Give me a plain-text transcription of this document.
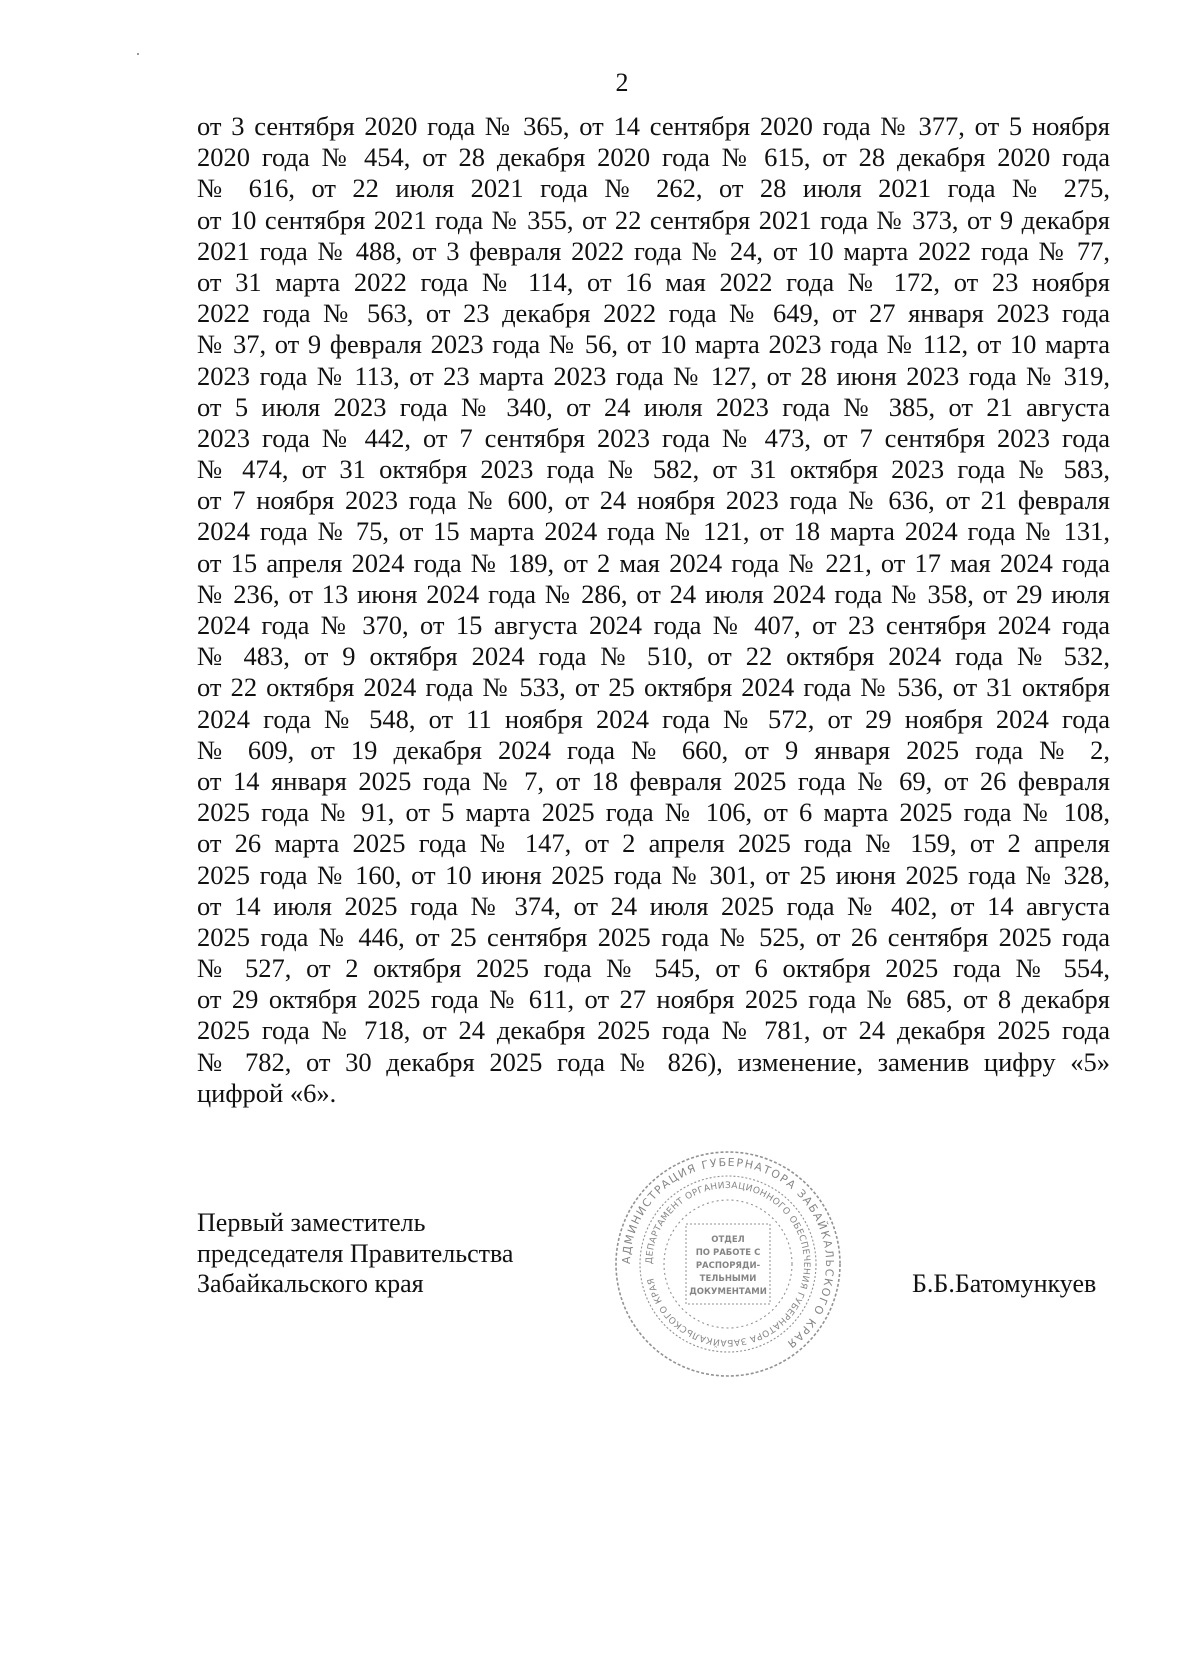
2
от 3 сентября 2020 года № 365, от 14 сентября 2020 года № 377, от 5 ноября
2020 года № 454, от 28 декабря 2020 года № 615, от 28 декабря 2020 года
№ 616, от 22 июля 2021 года № 262, от 28 июля 2021 года № 275,
от 10 сентября 2021 года № 355, от 22 сентября 2021 года № 373, от 9 декабря
2021 года № 488, от 3 февраля 2022 года № 24, от 10 марта 2022 года № 77,
от 31 марта 2022 года № 114, от 16 мая 2022 года № 172, от 23 ноября
2022 года № 563, от 23 декабря 2022 года № 649, от 27 января 2023 года
№ 37, от 9 февраля 2023 года № 56, от 10 марта 2023 года № 112, от 10 марта
2023 года № 113, от 23 марта 2023 года № 127, от 28 июня 2023 года № 319,
от 5 июля 2023 года № 340, от 24 июля 2023 года № 385, от 21 августа
2023 года № 442, от 7 сентября 2023 года № 473, от 7 сентября 2023 года
№ 474, от 31 октября 2023 года № 582, от 31 октября 2023 года № 583,
от 7 ноября 2023 года № 600, от 24 ноября 2023 года № 636, от 21 февраля
2024 года № 75, от 15 марта 2024 года № 121, от 18 марта 2024 года № 131,
от 15 апреля 2024 года № 189, от 2 мая 2024 года № 221, от 17 мая 2024 года
№ 236, от 13 июня 2024 года № 286, от 24 июля 2024 года № 358, от 29 июля
2024 года № 370, от 15 августа 2024 года № 407, от 23 сентября 2024 года
№ 483, от 9 октября 2024 года № 510, от 22 октября 2024 года № 532,
от 22 октября 2024 года № 533, от 25 октября 2024 года № 536, от 31 октября
2024 года № 548, от 11 ноября 2024 года № 572, от 29 ноября 2024 года
№ 609, от 19 декабря 2024 года № 660, от 9 января 2025 года № 2,
от 14 января 2025 года № 7, от 18 февраля 2025 года № 69, от 26 февраля
2025 года № 91, от 5 марта 2025 года № 106, от 6 марта 2025 года № 108,
от 26 марта 2025 года № 147, от 2 апреля 2025 года № 159, от 2 апреля
2025 года № 160, от 10 июня 2025 года № 301, от 25 июня 2025 года № 328,
от 14 июля 2025 года № 374, от 24 июля 2025 года № 402, от 14 августа
2025 года № 446, от 25 сентября 2025 года № 525, от 26 сентября 2025 года
№ 527, от 2 октября 2025 года № 545, от 6 октября 2025 года № 554,
от 29 октября 2025 года № 611, от 27 ноября 2025 года № 685, от 8 декабря
2025 года № 718, от 24 декабря 2025 года № 781, от 24 декабря 2025 года
№ 782, от 30 декабря 2025 года № 826), изменение, заменив цифру «5»
цифрой «6».
Первый заместитель
председателя Правительства
Забайкальского края
АДМИНИСТРАЦИЯ ГУБЕРНАТОРА ЗАБАЙКАЛЬСКОГО КРАЯ
ДЕПАРТАМЕНТ ОРГАНИЗАЦИОННОГО ОБЕСПЕЧЕНИЯ ГУБЕРНАТОРА ЗАБАЙКАЛЬСКОГО КРАЯ
ОТДЕЛ
ПО РАБОТЕ С
РАСПОРЯДИ-
ТЕЛЬНЫМИ
ДОКУМЕНТАМИ	Б.Б.Батомункуев
